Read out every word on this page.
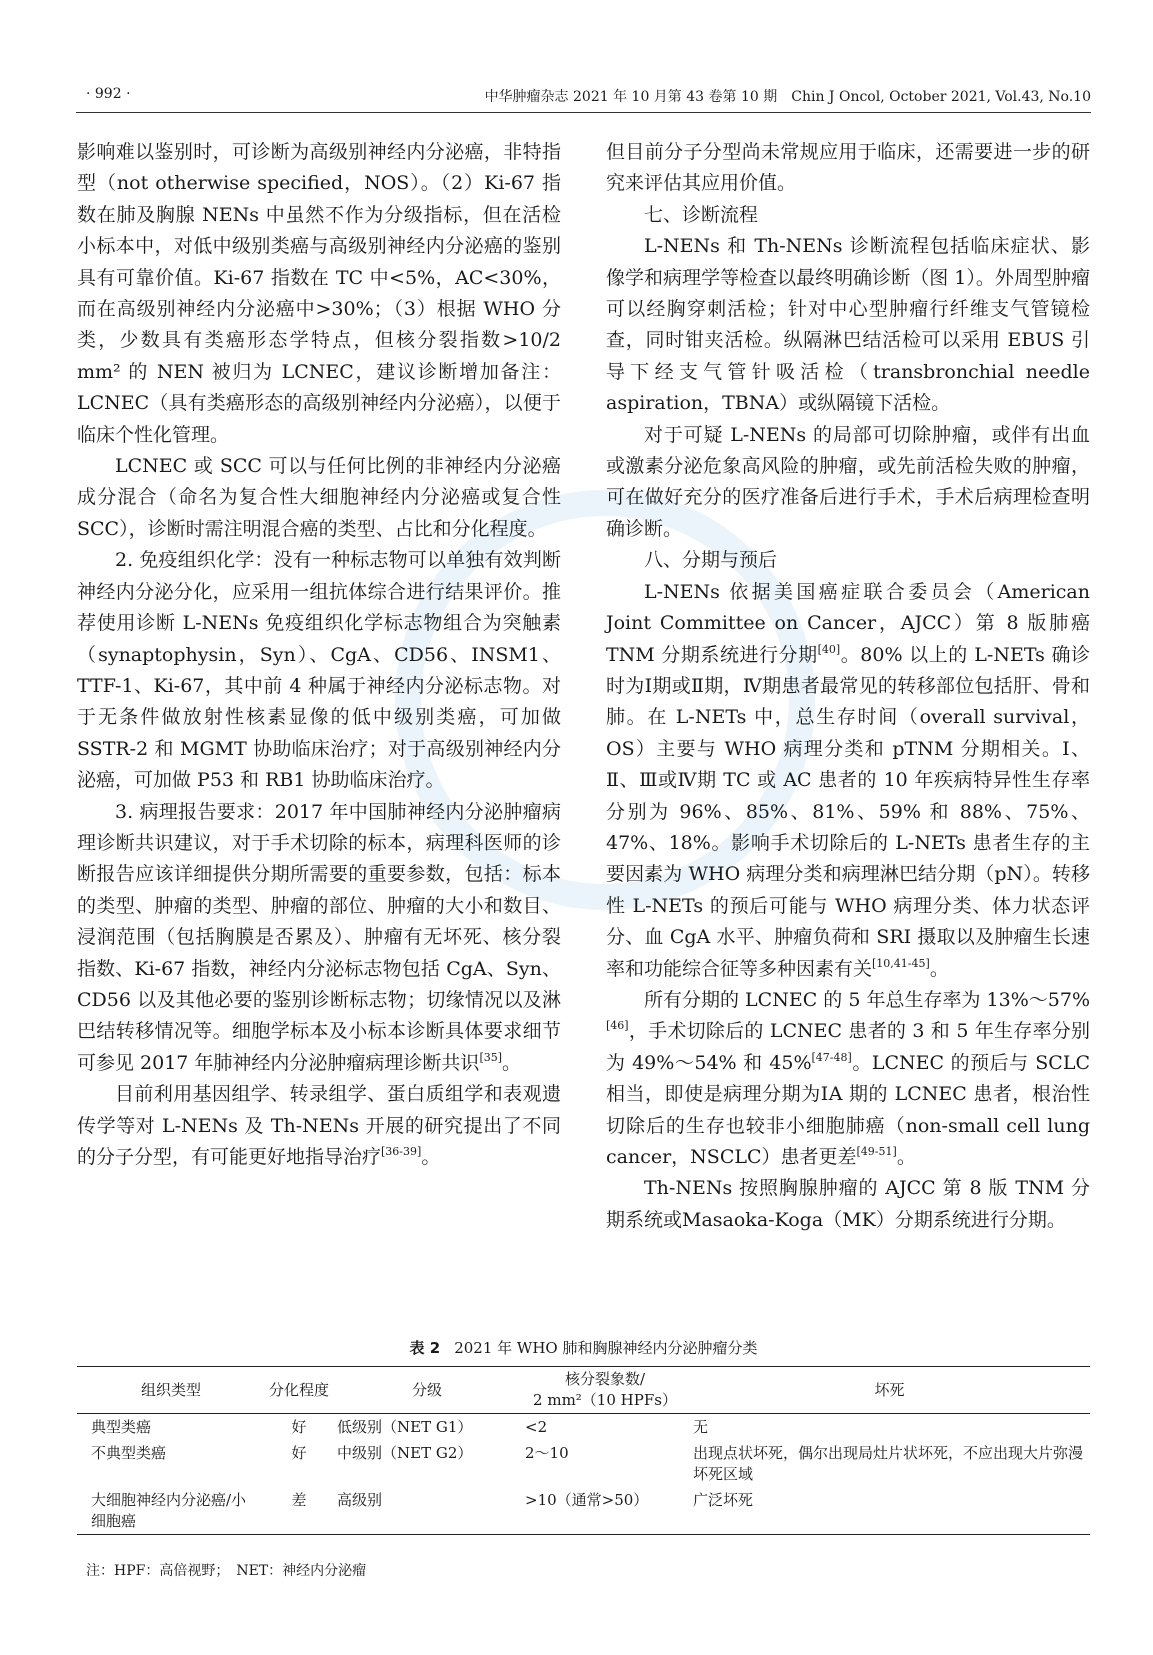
· 992 ·	中华肿瘤杂志 2021 年 10 月第 43 卷第 10 期　Chin J Oncol, October 2021, Vol.43, No.10

影响难以鉴别时，可诊断为高级别神经内分泌癌，非特指型（not otherwise specified，NOS）。（2）Ki-67 指数在肺及胸腺 NENs 中虽然不作为分级指标，但在活检小标本中，对低中级别类癌与高级别神经内分泌癌的鉴别具有可靠价值。Ki-67 指数在 TC 中<5%，AC<30%，而在高级别神经内分泌癌中>30%；（3）根据 WHO 分类，少数具有类癌形态学特点，但核分裂指数>10/2 mm² 的 NEN 被归为 LCNEC，建议诊断增加备注：LCNEC（具有类癌形态的高级别神经内分泌癌），以便于临床个性化管理。

LCNEC 或 SCC 可以与任何比例的非神经内分泌癌成分混合（命名为复合性大细胞神经内分泌癌或复合性 SCC），诊断时需注明混合癌的类型、占比和分化程度。

2. 免疫组织化学：没有一种标志物可以单独有效判断神经内分泌分化，应采用一组抗体综合进行结果评价。推荐使用诊断 L-NENs 免疫组织化学标志物组合为突触素（synaptophysin，Syn）、CgA、CD56、INSM1、TTF-1、Ki-67，其中前 4 种属于神经内分泌标志物。对于无条件做放射性核素显像的低中级别类癌，可加做 SSTR-2 和 MGMT 协助临床治疗；对于高级别神经内分泌癌，可加做 P53 和 RB1 协助临床治疗。

3. 病理报告要求：2017 年中国肺神经内分泌肿瘤病理诊断共识建议，对于手术切除的标本，病理科医师的诊断报告应该详细提供分期所需要的重要参数，包括：标本的类型、肿瘤的类型、肿瘤的部位、肿瘤的大小和数目、浸润范围（包括胸膜是否累及）、肿瘤有无坏死、核分裂指数、Ki-67 指数，神经内分泌标志物包括 CgA、Syn、CD56 以及其他必要的鉴别诊断标志物；切缘情况以及淋巴结转移情况等。细胞学标本及小标本诊断具体要求细节可参见 2017 年肺神经内分泌肿瘤病理诊断共识[35]。

目前利用基因组学、转录组学、蛋白质组学和表观遗传学等对 L-NENs 及 Th-NENs 开展的研究提出了不同的分子分型，有可能更好地指导治疗[36-39]。

但目前分子分型尚未常规应用于临床，还需要进一步的研究来评估其应用价值。

七、诊断流程

L-NENs 和 Th-NENs 诊断流程包括临床症状、影像学和病理学等检查以最终明确诊断（图 1）。外周型肿瘤可以经胸穿刺活检；针对中心型肿瘤行纤维支气管镜检查，同时钳夹活检。纵隔淋巴结活检可以采用 EBUS 引导下经支气管针吸活检（transbronchial needle aspiration，TBNA）或纵隔镜下活检。

对于可疑 L-NENs 的局部可切除肿瘤，或伴有出血或激素分泌危象高风险的肿瘤，或先前活检失败的肿瘤，可在做好充分的医疗准备后进行手术，手术后病理检查明确诊断。

八、分期与预后

L-NENs 依据美国癌症联合委员会（American Joint Committee on Cancer，AJCC）第 8 版肺癌 TNM 分期系统进行分期[40]。80% 以上的 L-NETs 确诊时为Ⅰ期或Ⅱ期，Ⅳ期患者最常见的转移部位包括肝、骨和肺。在 L-NETs 中，总生存时间（overall survival，OS）主要与 WHO 病理分类和 pTNM 分期相关。Ⅰ、Ⅱ、Ⅲ或Ⅳ期 TC 或 AC 患者的 10 年疾病特异性生存率分别为 96%、85%、81%、59% 和 88%、75%、47%、18%。影响手术切除后的 L-NETs 患者生存的主要因素为 WHO 病理分类和病理淋巴结分期（pN）。转移性 L-NETs 的预后可能与 WHO 病理分类、体力状态评分、血 CgA 水平、肿瘤负荷和 SRI 摄取以及肿瘤生长速率和功能综合征等多种因素有关[10,41-45]。

所有分期的 LCNEC 的 5 年总生存率为 13%～57%[46]，手术切除后的 LCNEC 患者的 3 和 5 年生存率分别为 49%～54% 和 45%[47-48]。LCNEC 的预后与 SCLC 相当，即使是病理分期为ⅠA 期的 LCNEC 患者，根治性切除后的生存也较非小细胞肺癌（non-small cell lung cancer，NSCLC）患者更差[49-51]。

Th-NENs 按照胸腺肿瘤的 AJCC 第 8 版 TNM 分期系统或Masaoka-Koga（MK）分期系统进行分期。

表 2 2021 年 WHO 肺和胸腺神经内分泌肿瘤分类
组织类型	分化程度	分级	核分裂象数/
2 mm²（10 HPFs）	坏死
典型类癌	好	低级别（NET G1）	<2	无
不典型类癌	好	中级别（NET G2）	2～10	出现点状坏死，偶尔出现局灶片状坏死，不应出现大片弥漫坏死区域
大细胞神经内分泌癌/小细胞癌	差	高级别	>10（通常>50）	广泛坏死
注：HPF：高倍视野；　NET：神经内分泌瘤
